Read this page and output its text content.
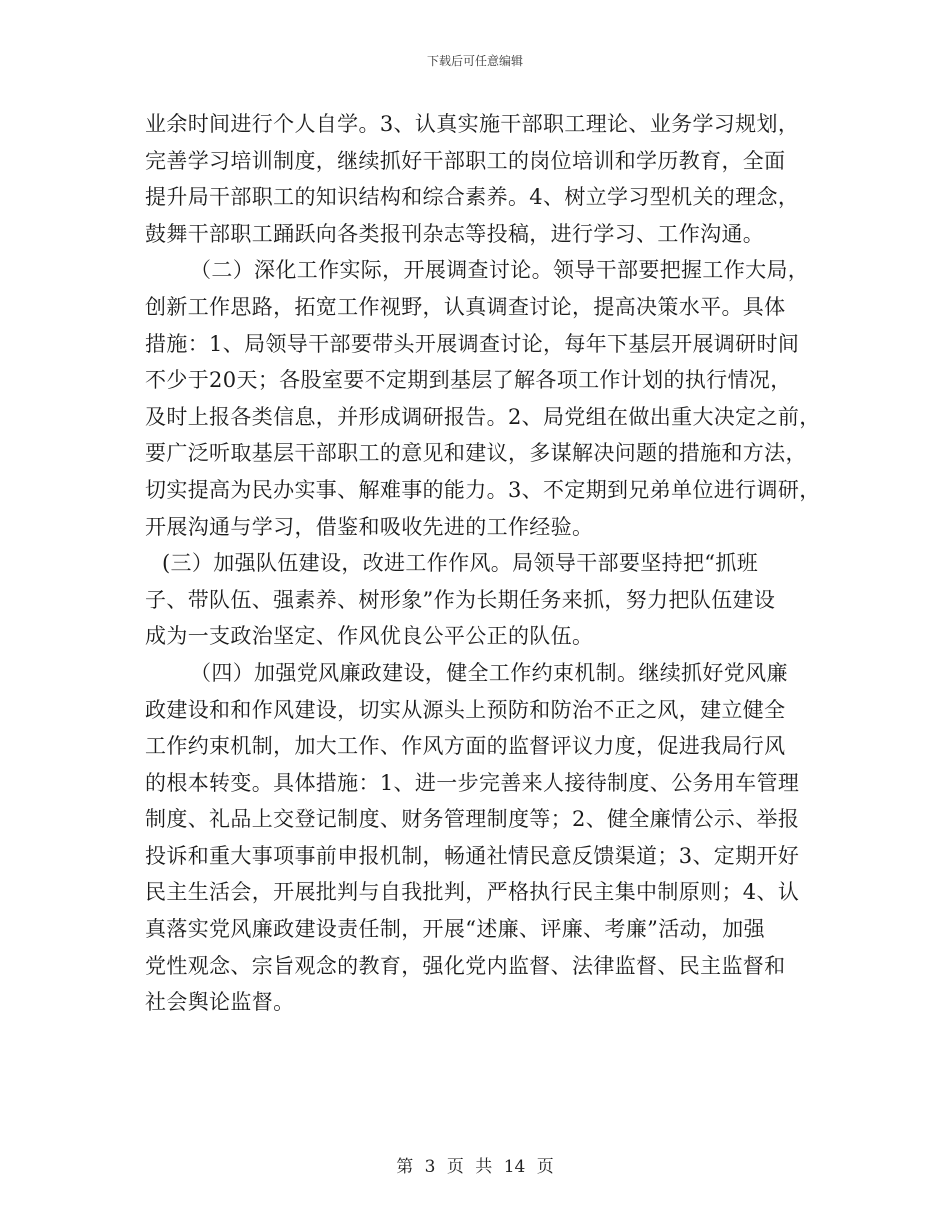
下载后可任意编辑

业余时间进行个人自学。3、认真实施干部职工理论、业务学习规划，
完善学习培训制度，继续抓好干部职工的岗位培训和学历教育，全面
提升局干部职工的知识结构和综合素养。4、树立学习型机关的理念，
鼓舞干部职工踊跃向各类报刊杂志等投稿，进行学习、工作沟通。

（二）深化工作实际，开展调查讨论。领导干部要把握工作大局，
创新工作思路，拓宽工作视野，认真调查讨论，提高决策水平。具体
措施：1、局领导干部要带头开展调查讨论，每年下基层开展调研时间
不少于20天；各股室要不定期到基层了解各项工作计划的执行情况，
及时上报各类信息，并形成调研报告。2、局党组在做出重大决定之前，
要广泛听取基层干部职工的意见和建议，多谋解决问题的措施和方法，
切实提高为民办实事、解难事的能力。3、不定期到兄弟单位进行调研，
开展沟通与学习，借鉴和吸收先进的工作经验。

(三）加强队伍建设，改进工作作风。局领导干部要坚持把“抓班
子、带队伍、强素养、树形象”作为长期任务来抓，努力把队伍建设
成为一支政治坚定、作风优良公平公正的队伍。

（四）加强党风廉政建设，健全工作约束机制。继续抓好党风廉
政建设和和作风建设，切实从源头上预防和防治不正之风，建立健全
工作约束机制，加大工作、作风方面的监督评议力度，促进我局行风
的根本转变。具体措施：1、进一步完善来人接待制度、公务用车管理
制度、礼品上交登记制度、财务管理制度等；2、健全廉情公示、举报
投诉和重大事项事前申报机制，畅通社情民意反馈渠道；3、定期开好
民主生活会，开展批判与自我批判，严格执行民主集中制原则；4、认
真落实党风廉政建设责任制，开展“述廉、评廉、考廉”活动，加强
党性观念、宗旨观念的教育，强化党内监督、法律监督、民主监督和
社会舆论监督。

第 3 页 共 14 页
